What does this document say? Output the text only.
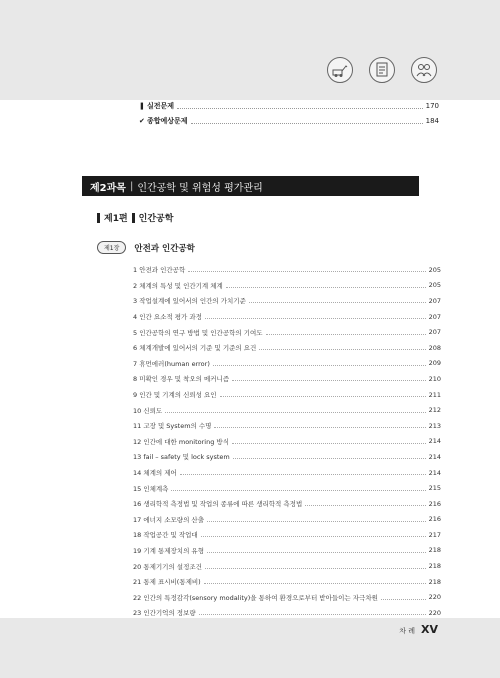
❚ 실전문제	170
✔ 종합예상문제	184
제2과목 | 인간공학 및 위험성 평가관리
제1편 인간공학
제1장	안전과 인간공학
1 안전과 인간공학	205
2 체계의 특성 및 인간기계 체계	205
3 작업설계에 있어서의 인간의 가치기준	207
4 인간 요소적 평가 과정	207
5 인간공학의 연구 방법 및 인간공학의 기여도	207
6 체계개발에 있어서의 기준 및 기준의 요건	208
7 휴먼에러(human error)	209
8 미확인 경우 및 착오의 메커니즘	210
9 인간 및 기계의 신뢰성 요인	211
10 신뢰도	212
11 고장 및 System의 수명	213
12 인간에 대한 monitoring 방식	214
13 fail – safety 및 lock system	214
14 체계의 제어	214
15 인체계측	215
16 생리학적 측정법 및 작업의 종류에 따른 생리학적 측정법	216
17 에너지 소모량의 산출	216
18 작업공간 및 작업대	217
19 기계 통제장치의 유형	218
20 통제기기의 설정조건	218
21 통제 표시비(통제비)	218
22 인간의 특정감각(sensory modality)을 통하여 환경으로부터 받아들이는 자극차원	220
23 인간기억의 정보량	220
차 례 XV
